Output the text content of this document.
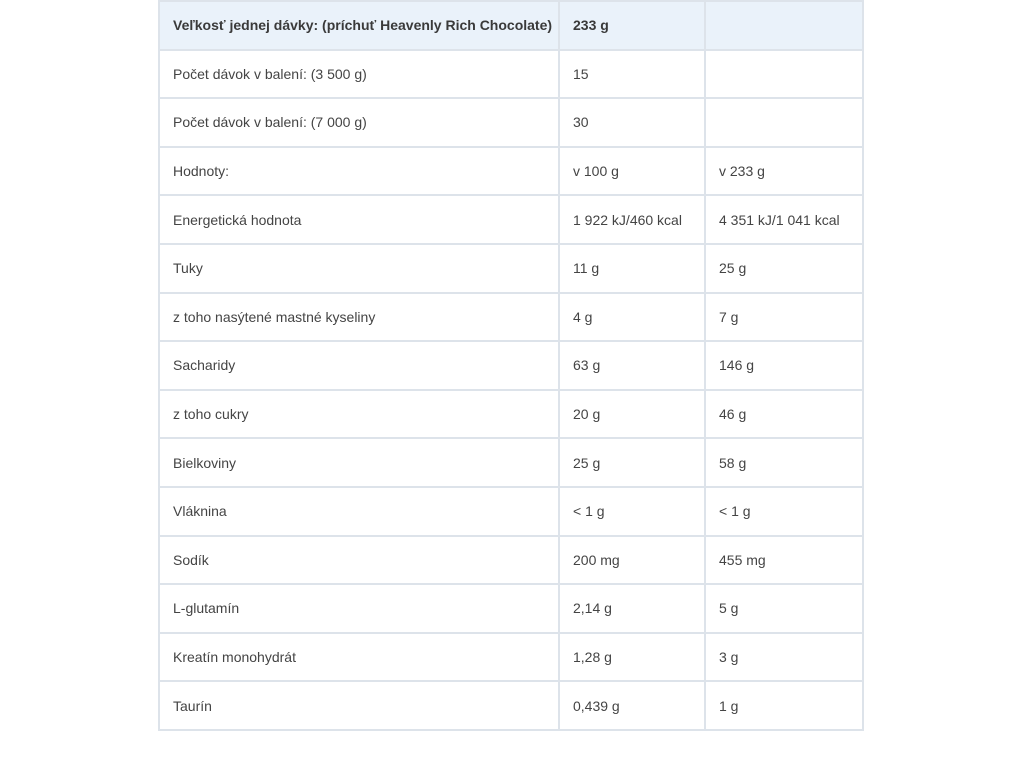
Veľkosť jednej dávky: (príchuť Heavenly Rich Chocolate)	233 g	
Počet dávok v balení: (3 500 g)	15	
Počet dávok v balení: (7 000 g)	30	
Hodnoty:	v 100 g	v 233 g
Energetická hodnota	1 922 kJ/460 kcal	4 351 kJ/1 041 kcal
Tuky	11 g	25 g
z toho nasýtené mastné kyseliny	4 g	7 g
Sacharidy	63 g	146 g
z toho cukry	20 g	46 g
Bielkoviny	25 g	58 g
Vláknina	< 1 g	< 1 g
Sodík	200 mg	455 mg
L-glutamín	2,14 g	5 g
Kreatín monohydrát	1,28 g	3 g
Taurín	0,439 g	1 g
